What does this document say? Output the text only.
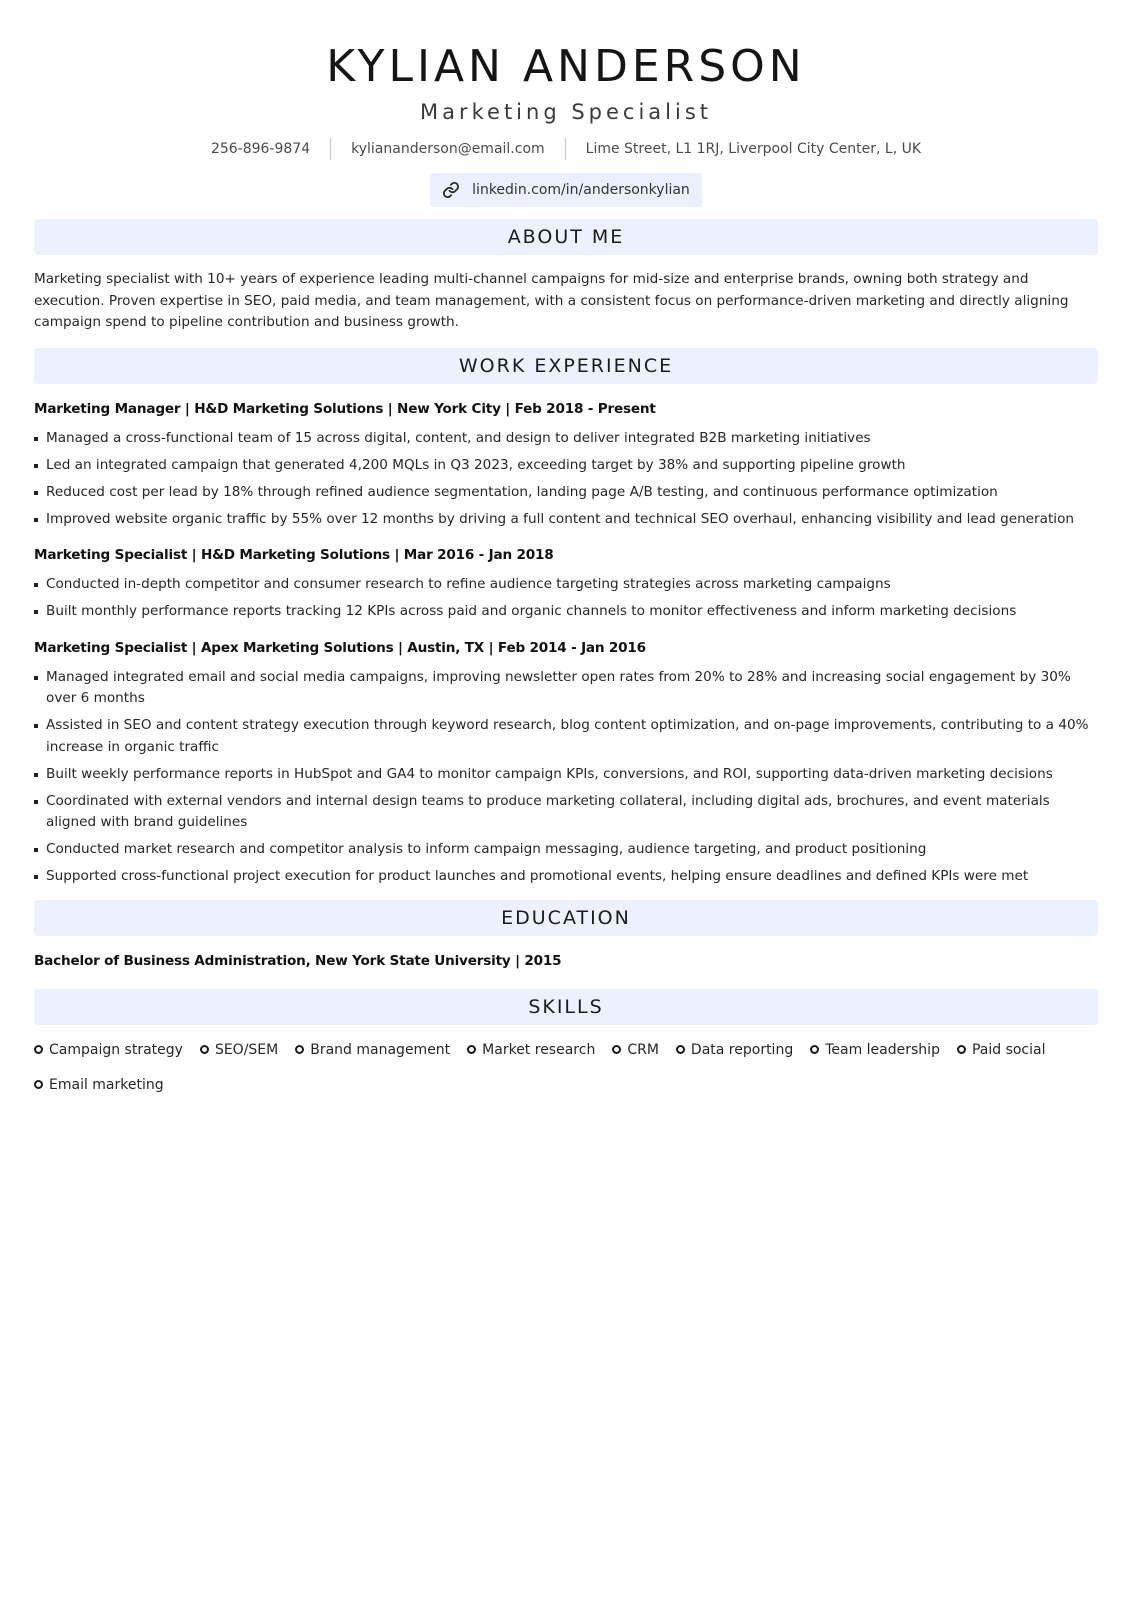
KYLIAN ANDERSON
Marketing Specialist
256-896-9874	kyliananderson@email.com	Lime Street, L1 1RJ, Liverpool City Center, L, UK
linkedin.com/in/andersonkylian
ABOUT ME

Marketing specialist with 10+ years of experience leading multi-channel campaigns for mid-size and enterprise brands, owning both strategy and execution. Proven expertise in SEO, paid media, and team management, with a consistent focus on performance-driven marketing and directly aligning campaign spend to pipeline contribution and business growth.

WORK EXPERIENCE

Marketing Manager | H&D Marketing Solutions | New York City | Feb 2018 - Present

Managed a cross-functional team of 15 across digital, content, and design to deliver integrated B2B marketing initiatives
Led an integrated campaign that generated 4,200 MQLs in Q3 2023, exceeding target by 38% and supporting pipeline growth
Reduced cost per lead by 18% through refined audience segmentation, landing page A/B testing, and continuous performance optimization
Improved website organic traffic by 55% over 12 months by driving a full content and technical SEO overhaul, enhancing visibility and lead generation

Marketing Specialist | H&D Marketing Solutions | Mar 2016 - Jan 2018

Conducted in-depth competitor and consumer research to refine audience targeting strategies across marketing campaigns
Built monthly performance reports tracking 12 KPIs across paid and organic channels to monitor effectiveness and inform marketing decisions

Marketing Specialist | Apex Marketing Solutions | Austin, TX | Feb 2014 - Jan 2016

Managed integrated email and social media campaigns, improving newsletter open rates from 20% to 28% and increasing social engagement by 30% over 6 months
Assisted in SEO and content strategy execution through keyword research, blog content optimization, and on-page improvements, contributing to a 40% increase in organic traffic
Built weekly performance reports in HubSpot and GA4 to monitor campaign KPIs, conversions, and ROI, supporting data-driven marketing decisions
Coordinated with external vendors and internal design teams to produce marketing collateral, including digital ads, brochures, and event materials aligned with brand guidelines
Conducted market research and competitor analysis to inform campaign messaging, audience targeting, and product positioning
Supported cross-functional project execution for product launches and promotional events, helping ensure deadlines and defined KPIs were met
EDUCATION

Bachelor of Business Administration, New York State University | 2015

SKILLS
Campaign strategy SEO/SEM Brand management Market research CRM Data reporting Team leadership Paid social
Email marketing
